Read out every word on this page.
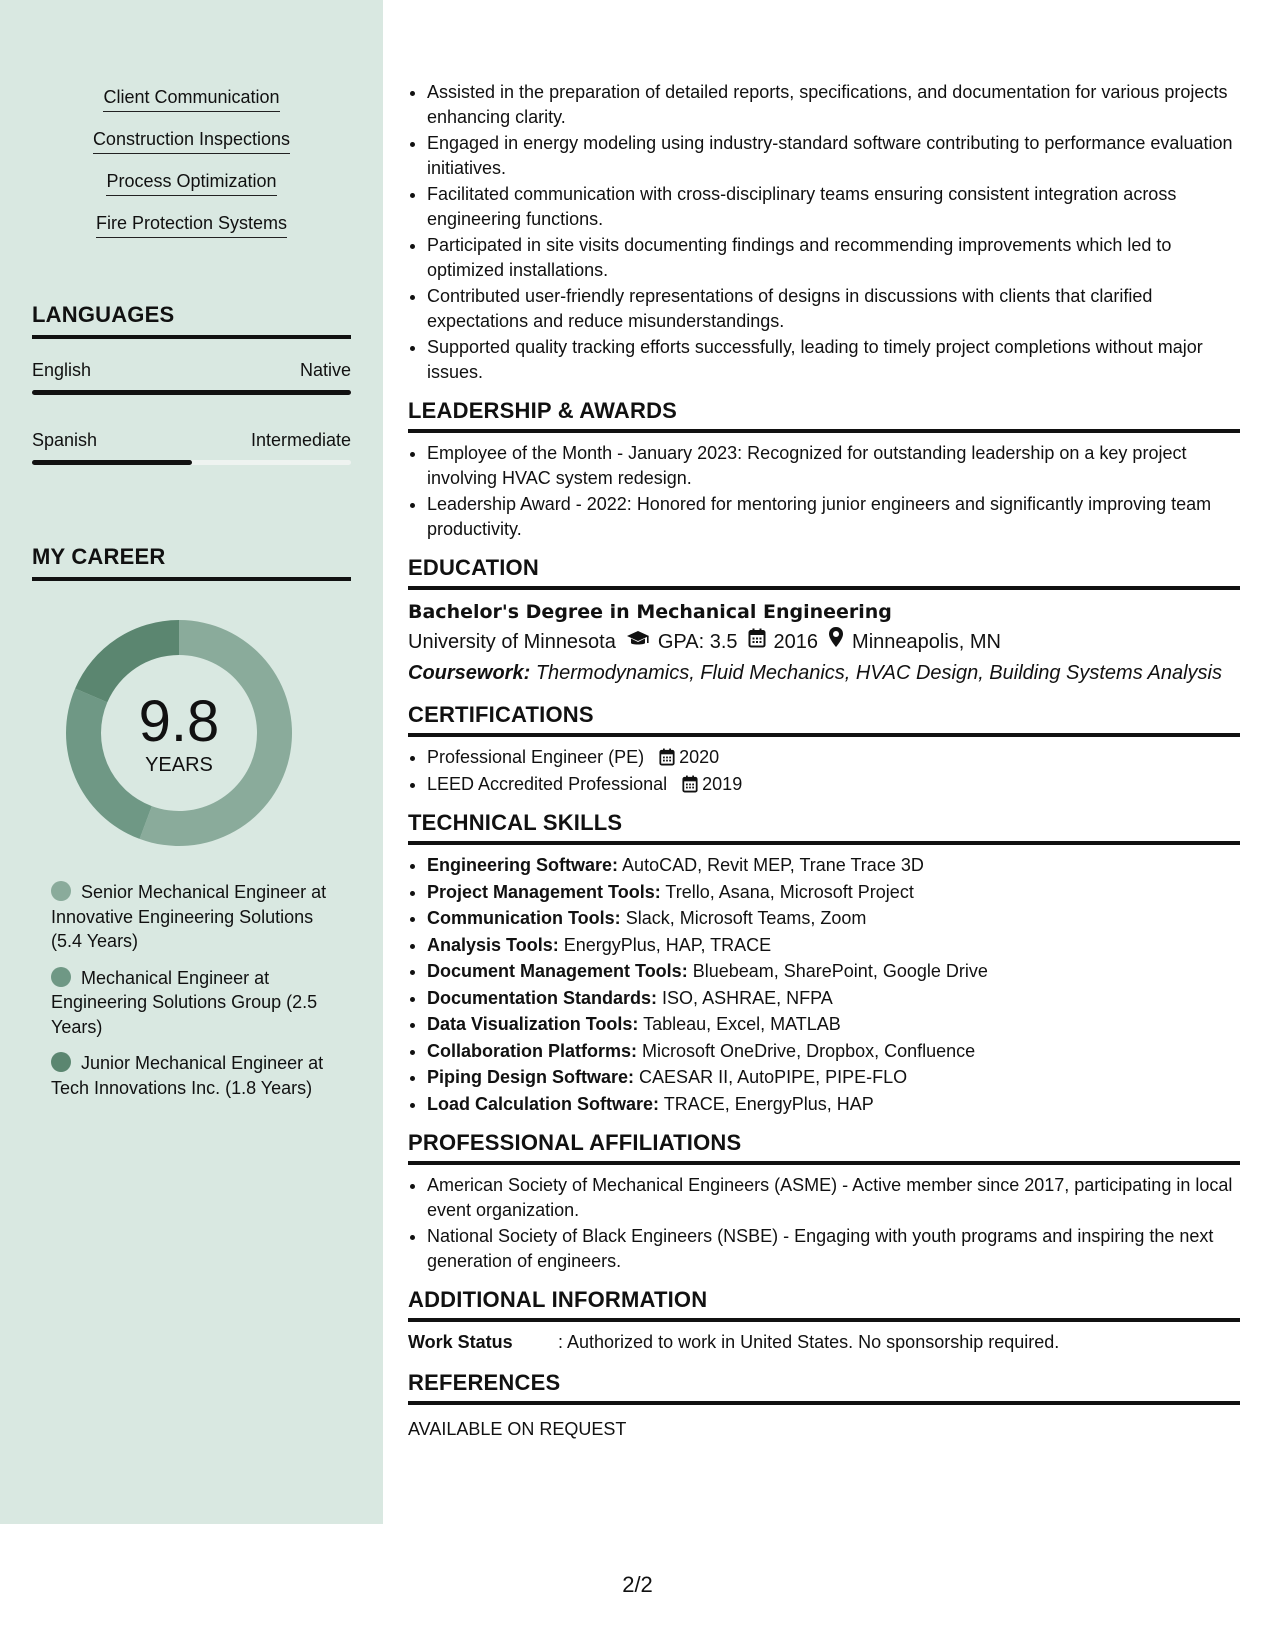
Client Communication
Construction Inspections
Process Optimization
Fire Protection Systems
LANGUAGES
English	Native
Spanish	Intermediate
MY CAREER
9.8
YEARS
Senior Mechanical Engineer at Innovative Engineering Solutions (5.4 Years)
Mechanical Engineer at Engineering Solutions Group (2.5 Years)
Junior Mechanical Engineer at Tech Innovations Inc. (1.8 Years)
• Assisted in the preparation of detailed reports, specifications, and documentation for various projects enhancing clarity.
• Engaged in energy modeling using industry-standard software contributing to performance evaluation initiatives.
• Facilitated communication with cross-disciplinary teams ensuring consistent integration across engineering functions.
• Participated in site visits documenting findings and recommending improvements which led to optimized installations.
• Contributed user-friendly representations of designs in discussions with clients that clarified expectations and reduce misunderstandings.
• Supported quality tracking efforts successfully, leading to timely project completions without major issues.
LEADERSHIP & AWARDS
• Employee of the Month - January 2023: Recognized for outstanding leadership on a key project involving HVAC system redesign.
• Leadership Award - 2022: Honored for mentoring junior engineers and significantly improving team productivity.
EDUCATION
Bachelor's Degree in Mechanical Engineering
University of Minnesota GPA: 3.5 2016 Minneapolis, MN
Coursework: Thermodynamics, Fluid Mechanics, HVAC Design, Building Systems Analysis
CERTIFICATIONS
• Professional Engineer (PE) 2020
• LEED Accredited Professional 2019
TECHNICAL SKILLS
• Engineering Software: AutoCAD, Revit MEP, Trane Trace 3D
• Project Management Tools: Trello, Asana, Microsoft Project
• Communication Tools: Slack, Microsoft Teams, Zoom
• Analysis Tools: EnergyPlus, HAP, TRACE
• Document Management Tools: Bluebeam, SharePoint, Google Drive
• Documentation Standards: ISO, ASHRAE, NFPA
• Data Visualization Tools: Tableau, Excel, MATLAB
• Collaboration Platforms: Microsoft OneDrive, Dropbox, Confluence
• Piping Design Software: CAESAR II, AutoPIPE, PIPE-FLO
• Load Calculation Software: TRACE, EnergyPlus, HAP
PROFESSIONAL AFFILIATIONS
• American Society of Mechanical Engineers (ASME) - Active member since 2017, participating in local event organization.
• National Society of Black Engineers (NSBE) - Engaging with youth programs and inspiring the next generation of engineers.
ADDITIONAL INFORMATION
Work Status	: Authorized to work in United States. No sponsorship required.
REFERENCES
AVAILABLE ON REQUEST
2/2
